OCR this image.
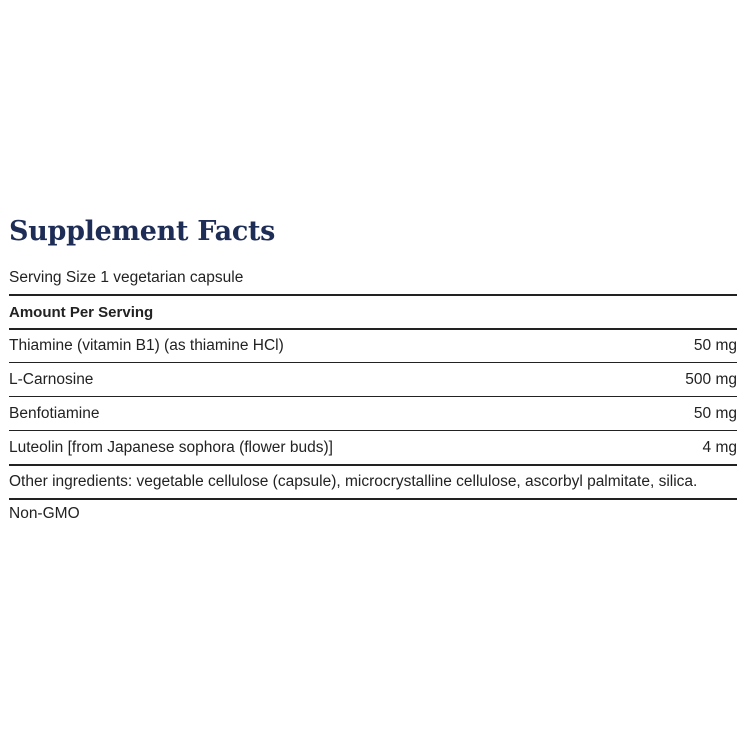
Supplement Facts
Serving Size 1 vegetarian capsule
Amount Per Serving
Thiamine (vitamin B1) (as thiamine HCl)	50 mg
L-Carnosine	500 mg
Benfotiamine	50 mg
Luteolin [from Japanese sophora (flower buds)]	4 mg
Other ingredients: vegetable cellulose (capsule), microcrystalline cellulose, ascorbyl palmitate, silica.
Non-GMO
